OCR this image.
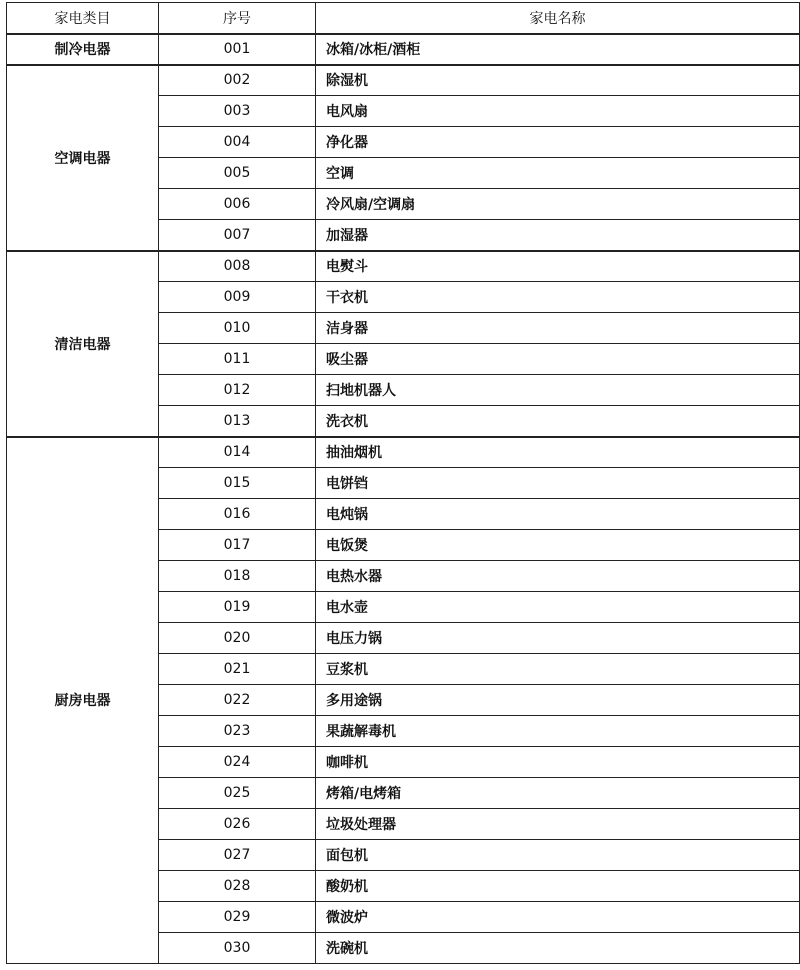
家电类目	序号	家电名称
制冷电器	001	冰箱/冰柜/酒柜
空调电器	002	除湿机
	003	电风扇
	004	净化器
	005	空调
	006	冷风扇/空调扇
	007	加湿器
清洁电器	008	电熨斗
	009	干衣机
	010	洁身器
	011	吸尘器
	012	扫地机器人
	013	洗衣机
厨房电器	014	抽油烟机
	015	电饼铛
	016	电炖锅
	017	电饭煲
	018	电热水器
	019	电水壶
	020	电压力锅
	021	豆浆机
	022	多用途锅
	023	果蔬解毒机
	024	咖啡机
	025	烤箱/电烤箱
	026	垃圾处理器
	027	面包机
	028	酸奶机
	029	微波炉
	030	洗碗机
